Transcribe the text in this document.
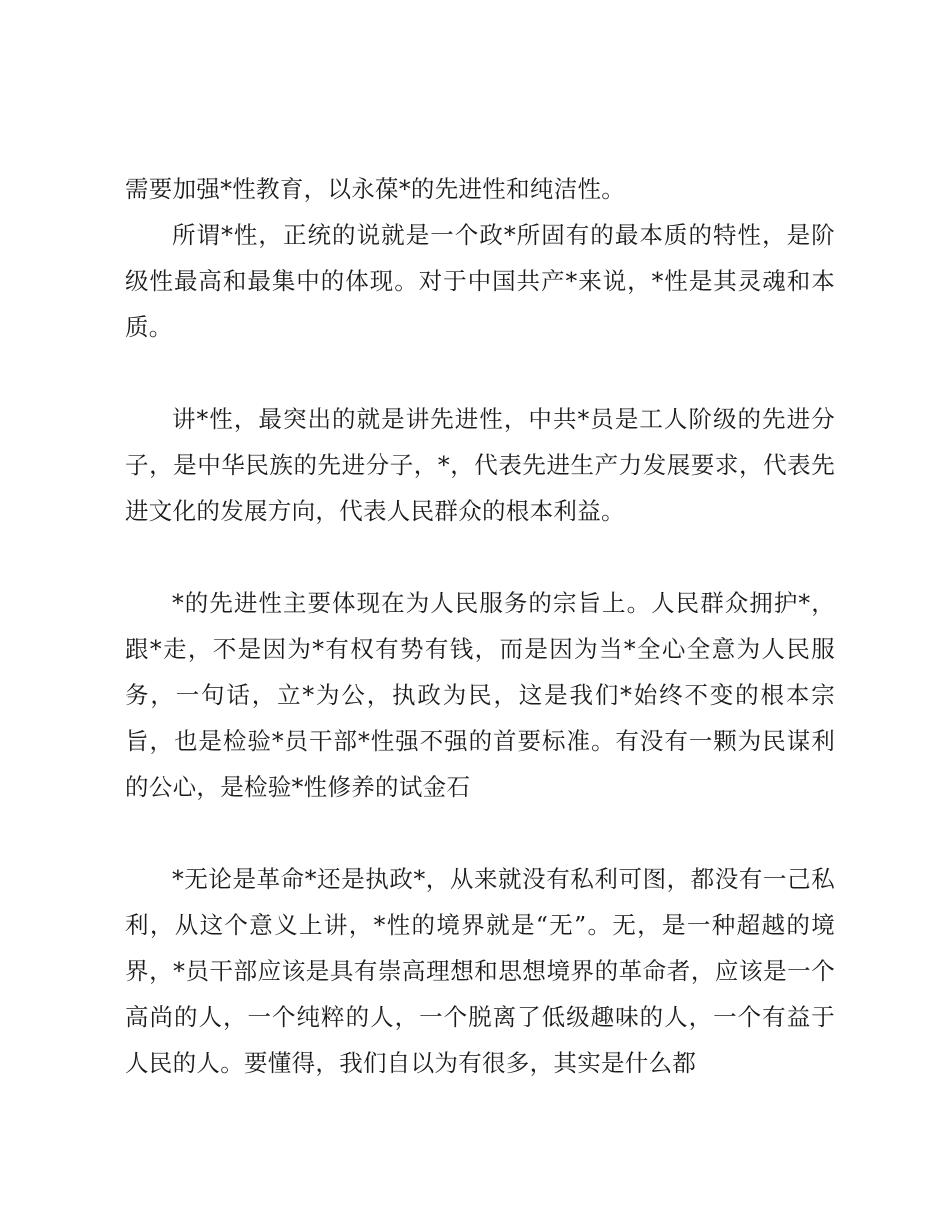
需要加强*性教育，以永葆*的先进性和纯洁性。

所谓*性，正统的说就是一个政*所固有的最本质的特性，是阶级性最高和最集中的体现。对于中国共产*来说，*性是其灵魂和本质。

讲*性，最突出的就是讲先进性，中共*员是工人阶级的先进分子，是中华民族的先进分子，*，代表先进生产力发展要求，代表先进文化的发展方向，代表人民群众的根本利益。

*的先进性主要体现在为人民服务的宗旨上。人民群众拥护*，跟*走，不是因为*有权有势有钱，而是因为当*全心全意为人民服务，一句话，立*为公，执政为民，这是我们*始终不变的根本宗旨，也是检验*员干部*性强不强的首要标准。有没有一颗为民谋利的公心，是检验*性修养的试金石

*无论是革命*还是执政*，从来就没有私利可图，都没有一己私利，从这个意义上讲，*性的境界就是“无”。无，是一种超越的境界，*员干部应该是具有崇高理想和思想境界的革命者，应该是一个高尚的人，一个纯粹的人，一个脱离了低级趣味的人，一个有益于人民的人。要懂得，我们自以为有很多，其实是什么都
